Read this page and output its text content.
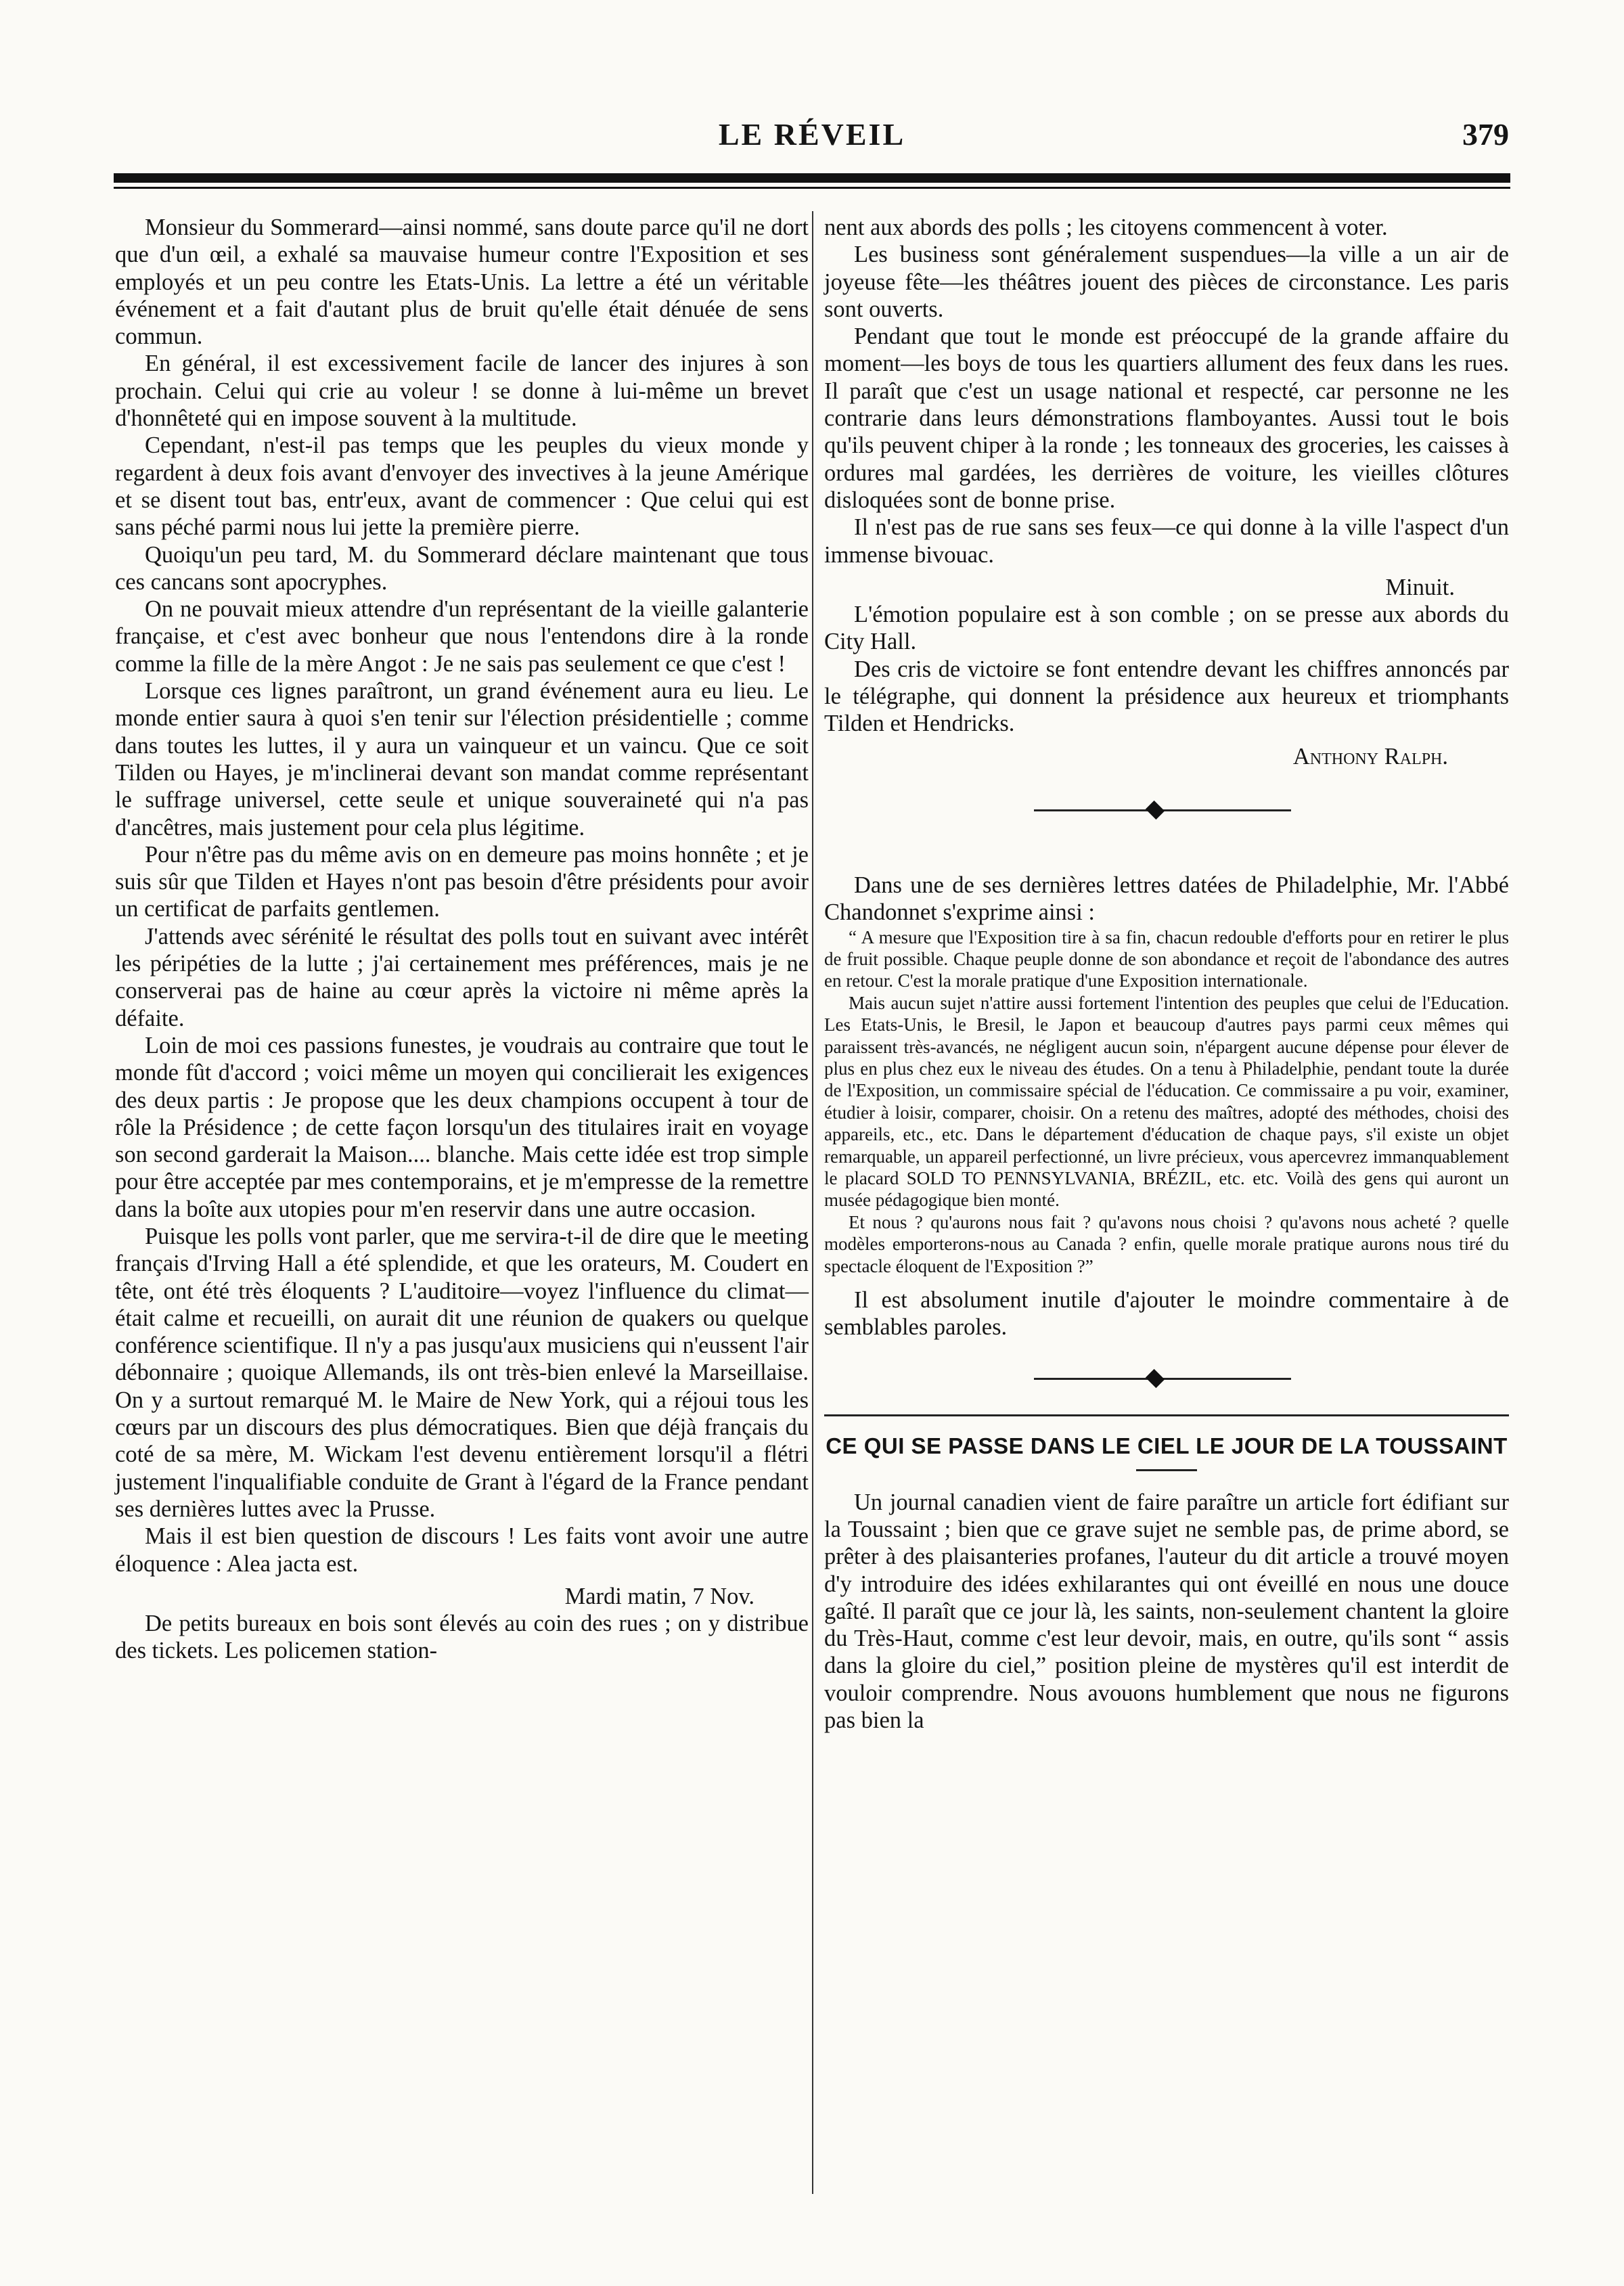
LE RÉVEIL	379

Monsieur du Sommerard—ainsi nommé, sans doute parce qu'il ne dort que d'un œil, a exhalé sa mauvaise humeur contre l'Exposition et ses employés et un peu contre les Etats-Unis. La lettre a été un véritable événement et a fait d'autant plus de bruit qu'elle était dénuée de sens commun.

En général, il est excessivement facile de lancer des injures à son prochain. Celui qui crie au voleur ! se donne à lui-même un brevet d'honnêteté qui en impose souvent à la multitude.

Cependant, n'est-il pas temps que les peuples du vieux monde y regardent à deux fois avant d'envoyer des invectives à la jeune Amérique et se disent tout bas, entr'eux, avant de commencer : Que celui qui est sans péché parmi nous lui jette la première pierre.

Quoiqu'un peu tard, M. du Sommerard déclare maintenant que tous ces cancans sont apocryphes.

On ne pouvait mieux attendre d'un représentant de la vieille galanterie française, et c'est avec bonheur que nous l'entendons dire à la ronde comme la fille de la mère Angot : Je ne sais pas seulement ce que c'est !

Lorsque ces lignes paraîtront, un grand événement aura eu lieu. Le monde entier saura à quoi s'en tenir sur l'élection présidentielle ; comme dans toutes les luttes, il y aura un vainqueur et un vaincu. Que ce soit Tilden ou Hayes, je m'inclinerai devant son mandat comme représentant le suffrage universel, cette seule et unique souveraineté qui n'a pas d'ancêtres, mais justement pour cela plus légitime.

Pour n'être pas du même avis on en demeure pas moins honnête ; et je suis sûr que Tilden et Hayes n'ont pas besoin d'être présidents pour avoir un certificat de parfaits gentlemen.

J'attends avec sérénité le résultat des polls tout en suivant avec intérêt les péripéties de la lutte ; j'ai certainement mes préférences, mais je ne conserverai pas de haine au cœur après la victoire ni même après la défaite.

Loin de moi ces passions funestes, je voudrais au contraire que tout le monde fût d'accord ; voici même un moyen qui concilierait les exigences des deux partis : Je propose que les deux champions occupent à tour de rôle la Présidence ; de cette façon lorsqu'un des titulaires irait en voyage son second garderait la Maison.... blanche. Mais cette idée est trop simple pour être acceptée par mes contemporains, et je m'empresse de la remettre dans la boîte aux utopies pour m'en reservir dans une autre occasion.

Puisque les polls vont parler, que me servira-t-il de dire que le meeting français d'Irving Hall a été splendide, et que les orateurs, M. Coudert en tête, ont été très éloquents ? L'auditoire—voyez l'influence du climat—était calme et recueilli, on aurait dit une réunion de quakers ou quelque conférence scientifique. Il n'y a pas jusqu'aux musiciens qui n'eussent l'air débonnaire ; quoique Allemands, ils ont très-bien enlevé la Marseillaise. On y a surtout remarqué M. le Maire de New York, qui a réjoui tous les cœurs par un discours des plus démocratiques. Bien que déjà français du coté de sa mère, M. Wickam l'est devenu entièrement lorsqu'il a flétri justement l'inqualifiable conduite de Grant à l'égard de la France pendant ses dernières luttes avec la Prusse.

Mais il est bien question de discours ! Les faits vont avoir une autre éloquence : Alea jacta est.

Mardi matin, 7 Nov.

De petits bureaux en bois sont élevés au coin des rues ; on y distribue des tickets. Les policemen station-

nent aux abords des polls ; les citoyens commencent à voter.

Les business sont généralement suspendues—la ville a un air de joyeuse fête—les théâtres jouent des pièces de circonstance. Les paris sont ouverts.

Pendant que tout le monde est préoccupé de la grande affaire du moment—les boys de tous les quartiers allument des feux dans les rues. Il paraît que c'est un usage national et respecté, car personne ne les contrarie dans leurs démonstrations flamboyantes. Aussi tout le bois qu'ils peuvent chiper à la ronde ; les tonneaux des groceries, les caisses à ordures mal gardées, les derrières de voiture, les vieilles clôtures disloquées sont de bonne prise.

Il n'est pas de rue sans ses feux—ce qui donne à la ville l'aspect d'un immense bivouac.

Minuit.

L'émotion populaire est à son comble ; on se presse aux abords du City Hall.

Des cris de victoire se font entendre devant les chiffres annoncés par le télégraphe, qui donnent la présidence aux heureux et triomphants Tilden et Hendricks.

Anthony Ralph.

Dans une de ses dernières lettres datées de Philadelphie, Mr. l'Abbé Chandonnet s'exprime ainsi :

“ A mesure que l'Exposition tire à sa fin, chacun redouble d'efforts pour en retirer le plus de fruit possible. Chaque peuple donne de son abondance et reçoit de l'abondance des autres en retour. C'est la morale pratique d'une Exposition internationale.

Mais aucun sujet n'attire aussi fortement l'intention des peuples que celui de l'Education. Les Etats-Unis, le Bresil, le Japon et beaucoup d'autres pays parmi ceux mêmes qui paraissent très-avancés, ne négligent aucun soin, n'épargent aucune dépense pour élever de plus en plus chez eux le niveau des études. On a tenu à Philadelphie, pendant toute la durée de l'Exposition, un commissaire spécial de l'éducation. Ce commissaire a pu voir, examiner, étudier à loisir, comparer, choisir. On a retenu des maîtres, adopté des méthodes, choisi des appareils, etc., etc. Dans le département d'éducation de chaque pays, s'il existe un objet remarquable, un appareil perfectionné, un livre précieux, vous apercevrez immanquablement le placard SOLD TO PENNSYLVANIA, BRÉZIL, etc. etc. Voilà des gens qui auront un musée pédagogique bien monté.

Et nous ? qu'aurons nous fait ? qu'avons nous choisi ? qu'avons nous acheté ? quelle modèles emporterons-nous au Canada ? enfin, quelle morale pratique aurons nous tiré du spectacle éloquent de l'Exposition ?”

Il est absolument inutile d'ajouter le moindre commentaire à de semblables paroles.

CE QUI SE PASSE DANS LE CIEL LE JOUR DE LA TOUSSAINT

Un journal canadien vient de faire paraître un article fort édifiant sur la Toussaint ; bien que ce grave sujet ne semble pas, de prime abord, se prêter à des plaisanteries profanes, l'auteur du dit article a trouvé moyen d'y introduire des idées exhilarantes qui ont éveillé en nous une douce gaîté. Il paraît que ce jour là, les saints, non-seulement chantent la gloire du Très-Haut, comme c'est leur devoir, mais, en outre, qu'ils sont “ assis dans la gloire du ciel,” position pleine de mystères qu'il est interdit de vouloir comprendre. Nous avouons humblement que nous ne figurons pas bien la
